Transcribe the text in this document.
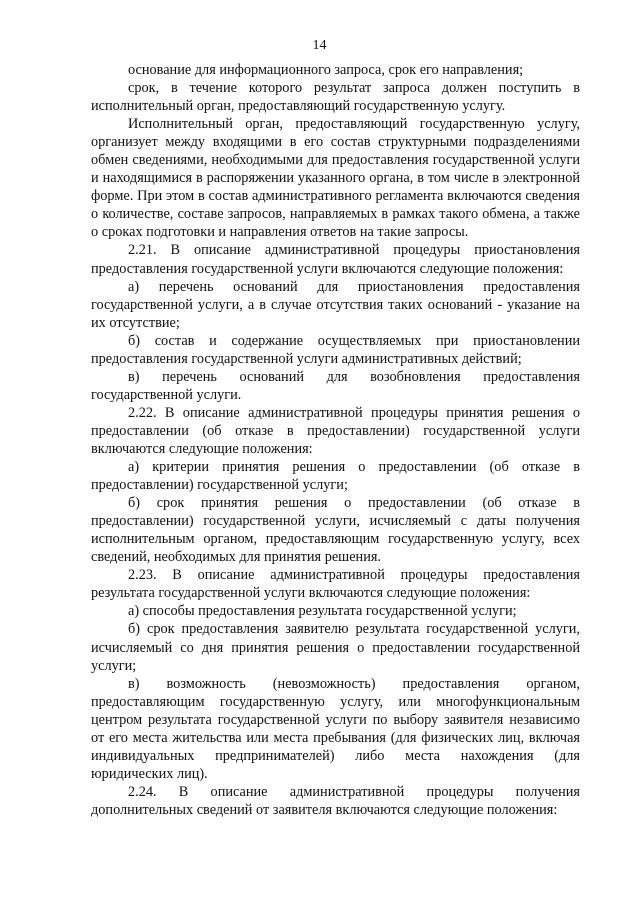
14

основание для информационного запроса, срок его направления;

срок, в течение которого результат запроса должен поступить в исполнительный орган, предоставляющий государственную услугу.

Исполнительный орган, предоставляющий государственную услугу, организует между входящими в его состав структурными подразделениями обмен сведениями, необходимыми для предоставления государственной услуги и находящимися в распоряжении указанного органа, в том числе в электронной форме. При этом в состав административного регламента включаются сведения о количестве, составе запросов, направляемых в рамках такого обмена, а также о сроках подготовки и направления ответов на такие запросы.

2.21. В описание административной процедуры приостановления предоставления государственной услуги включаются следующие положения:

а) перечень оснований для приостановления предоставления государственной услуги, а в случае отсутствия таких оснований - указание на их отсутствие;

б) состав и содержание осуществляемых при приостановлении предоставления государственной услуги административных действий;

в) перечень оснований для возобновления предоставления государственной услуги.

2.22. В описание административной процедуры принятия решения о предоставлении (об отказе в предоставлении) государственной услуги включаются следующие положения:

а) критерии принятия решения о предоставлении (об отказе в предоставлении) государственной услуги;

б) срок принятия решения о предоставлении (об отказе в предоставлении) государственной услуги, исчисляемый с даты получения исполнительным органом, предоставляющим государственную услугу, всех сведений, необходимых для принятия решения.

2.23. В описание административной процедуры предоставления результата государственной услуги включаются следующие положения:

а) способы предоставления результата государственной услуги;

б) срок предоставления заявителю результата государственной услуги, исчисляемый со дня принятия решения о предоставлении государственной услуги;

в) возможность (невозможность) предоставления органом, предоставляющим государственную услугу, или многофункциональным центром результата государственной услуги по выбору заявителя независимо от его места жительства или места пребывания (для физических лиц, включая индивидуальных предпринимателей) либо места нахождения (для юридических лиц).

2.24. В описание административной процедуры получения дополнительных сведений от заявителя включаются следующие положения:
